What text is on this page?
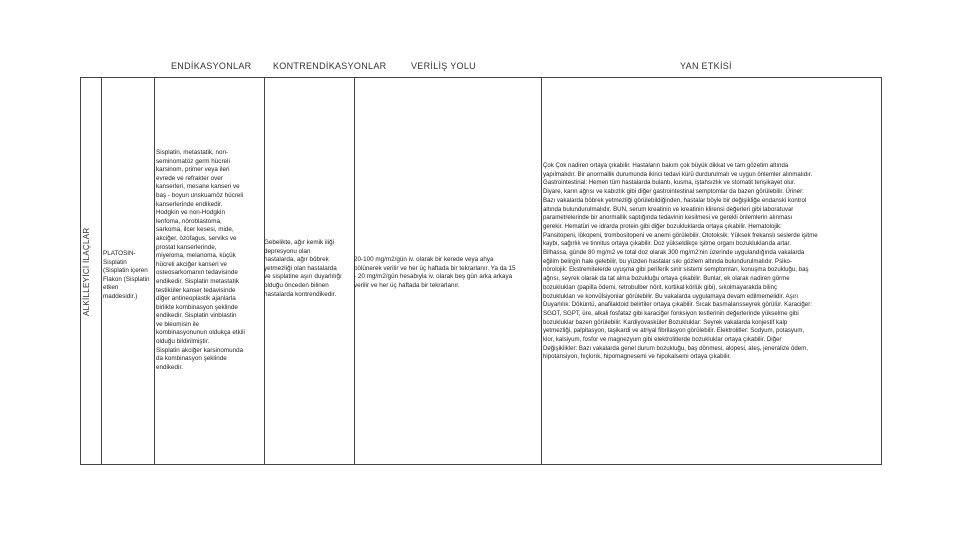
ENDİKASYONLAR KONTRENDİKASYONLAR	VERİLİŞ YOLU	YAN ETKİSİ
ALKİLLEYİCİ İLAÇLAR PLATOSIN- Sisplatin (Sisplatin içeren Flakon (Sisplatin etken maddesidir.)

Sisplatin, metastatik, non-

seminomatöz germ hücreli

karsinom, primer veya ileri

evrede ve refrakter over

kanserleri, mesane kanseri ve

baş - boyun unskuamöz hücreli

kanserlerinde endikedir.

Hodgkin ve non-Hodgkin

lenfoma, nöroblastoma,

sarkoma, ilcer kesesi, mide,

akciğer, özofagus, serviks ve

prostat kanserlerinde,

miyeloma, melanoma, küçük

hücreli akciğer kanseri ve

osteosarkomanın tedavisinde

endikedir. Sisplatin metastatik

testiküler kanser tedavisinde

diğer antineoplastik ajanlarla

birlikte kombinasyon şeklinde

endikedir. Sisplatin vinblastin

ve bleomisin ile

kombinasyonunun oldukça etkili

olduğu bildirilmiştir.

Sisplatin akciğer karsinomunda

da kombinasyon şeklinde

endikedir.

Gebelikte, ağır kemik iliği

depresyonu olan

hastalarda, ağır böbrek

yetmezliği olan hastalarda

ve sisplatine aşırı duyarlılığı

olduğu önceden bilinen

hastalarda kontrendikedir.

20-100 mg/m2/gün iv. olarak bir kerede veya ahya

bölünerek verilir ve her üç haftada bir tekrarlanır. Ya da 15

- 20 mg/m2/gün hesabıyla iv. olarak beş gün arka arkaya

verilir ve her üç haftada bir tekrarlanır.

Çok Çok nadiren ortaya çıkabilir. Hastaların bakım çok büyük dikkat ve tam gözetim altında

yapılmalıdır. Bir anormallik durumunda ikinci tedavi kürü durdurulmalı ve uygun önlemler alınmalıdır.

Gastrointestinal: Hemen tüm hastalarda bulantı, kusma, iştahsızlık ve stomatit tenşikayet olur.

Diyare, karın ağrısı ve kabızlık gibi diğer gastrointestinal semptomlar da bazen görülebilir. Üriner:

Bazı vakalarda böbrek yetmezliği görülebildiğinden, hastalar böyle bir değişikliğe endanski kontrol

altında bulundurulmalıdır. BUN, serum kreatinin ve kreatinin klirensi değerleri gibi laboratuvar

parametrelerinde bir anormallik saptığında tedavinin kesilmesi ve gerekli önlemlerin alınması

gerekir. Hematüri ve idrarda protein gibi diğer bozukluklarda ortaya çıkabilir. Hematolojik:

Pansitopeni, lökopeni, trombositopeni ve anemi görülebilir. Ototoksik: Yüksek frekanslı seslerde işitme

kaybı, sağırlık ve tinnitus ortaya çıkabilir. Doz yükseldikçe işitme organı bozukluklarıda artar.

Bilhassa, günde 80 mg/m2 ve total doz olarak 300 mg/m2'nin üzerinde uygulandığında vakalarda

eğilim belirgin hale gelebilir, bu yüzden hastalar sıkı gözlem altında bulundurulmalıdır. Psiko-

nörolojik: Ekstremitelerde uyuşma gibi periferik sinir sistemi semptomları, konuşma bozukluğu, baş

ağrısı, seyrek olarak da tat alma bozukluğu ortaya çıkabilir. Bunlar, ek olarak nadiren görme

bozuklukları (papilla ödemi, retrobulber nörit, kortikal körlük gibi), sıkolmayarakda bilinç

bozuklukları ve konvülsiyonlar görülebilir. Bu vakalarda uygulamaya devam edilmemelidir. Aşırı

Duyarlılık: Döküntü, anafilaktoid belirtiler ortaya çıkabilir. Sıcak basmalarısseyrek görülür. Karaciğer:

SGOT, SGPT, üre, alkali fosfataz gibi karaciğer fonksiyon testlerinin değerlerinde yükselme gibi

bozukluklar bazen görülebilir. Kardiyovasküler Bozukluklar: Seyrek vakalarda konjestif kalp

yetmezliği, palpitasyon, taşikardi ve atriyal fibrilasyon görülebilir. Elektrolitler: Sodyum, potasyum,

klor, kalsiyum, fosfor ve magnezyum gibi elektrolitlerde bozukluklar ortaya çıkabilir. Diğer

Değişiklikler: Bazı vakalarda genel durum bozukluğu, baş dönmesi, alopesi, ateş, jeneralize ödem,

hipotansiyon, hıçkırık, hipomagnesemi ve hipokalsemi ortaya çıkabilir.
